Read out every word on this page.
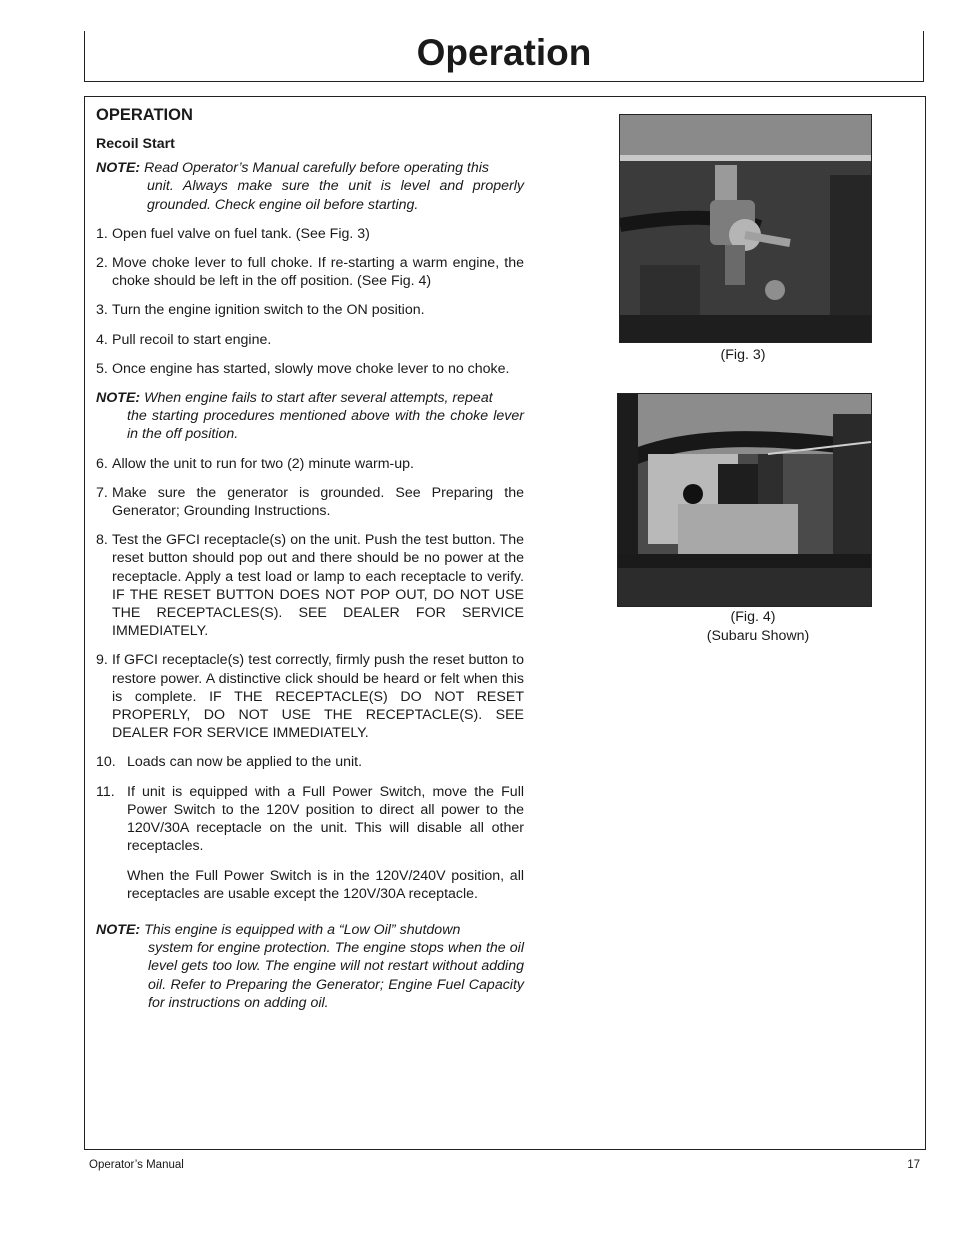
Operation
OPERATION
Recoil Start
NOTE: Read Operator’s Manual carefully before operating this
unit. Always make sure the unit is level and properly grounded. Check engine oil before starting.
1. Open fuel valve on fuel tank. (See Fig. 3)
2. Move choke lever to full choke. If re-starting a warm engine, the choke should be left in the off position. (See Fig. 4)
3. Turn the engine ignition switch to the ON position.
4. Pull recoil to start engine.
5. Once engine has started, slowly move choke lever to no choke.
NOTE: When engine fails to start after several attempts, repeat
the starting procedures mentioned above with the choke lever in the off position.
6. Allow the unit to run for two (2) minute warm-up.
7. Make sure the generator is grounded. See Preparing the Generator; Grounding Instructions.
8. Test the GFCI receptacle(s) on the unit. Push the test button. The reset button should pop out and there should be no power at the receptacle. Apply a test load or lamp to each receptacle to verify. IF THE RESET BUTTON DOES NOT POP OUT, DO NOT USE THE RECEPTACLES(S). SEE DEALER FOR SERVICE IMMEDIATELY.
9. If GFCI receptacle(s) test correctly, firmly push the reset button to restore power. A distinctive click should be heard or felt when this is complete. IF THE RECEPTACLE(S) DO NOT RESET PROPERLY, DO NOT USE THE RECEPTACLE(S). SEE DEALER FOR SERVICE IMMEDIATELY.
10. Loads can now be applied to the unit.
11. If unit is equipped with a Full Power Switch, move the Full Power Switch to the 120V position to direct all power to the 120V/30A receptacle on the unit. This will disable all other receptacles.
When the Full Power Switch is in the 120V/240V position, all receptacles are usable except the 120V/30A receptacle.
NOTE: This engine is equipped with a “Low Oil” shutdown
system for engine protection. The engine stops when the oil level gets too low. The engine will not restart without adding oil. Refer to Preparing the Generator; Engine Fuel Capacity for instructions on adding oil.
(Fig. 3)
(Fig. 4)
(Subaru Shown)
Operator’s Manual	17
